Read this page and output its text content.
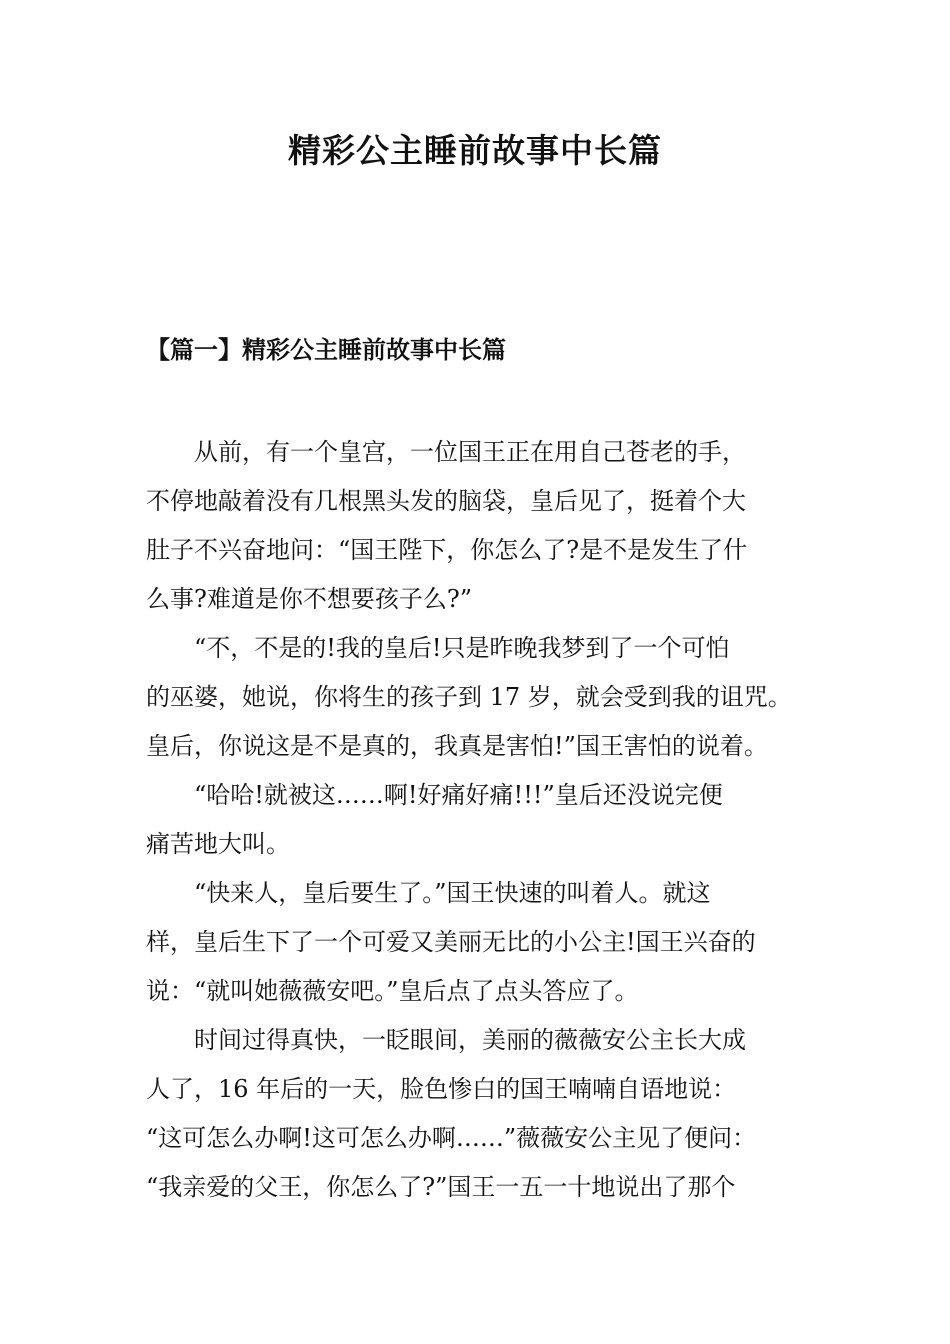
精彩公主睡前故事中长篇
【篇一】精彩公主睡前故事中长篇
从前，有一个皇宫，一位国王正在用自己苍老的手，
不停地敲着没有几根黑头发的脑袋，皇后见了，挺着个大
肚子不兴奋地问：“国王陛下，你怎么了?是不是发生了什
么事?难道是你不想要孩子么?”
“不，不是的!我的皇后!只是昨晚我梦到了一个可怕
的巫婆，她说，你将生的孩子到 17 岁，就会受到我的诅咒。
皇后，你说这是不是真的，我真是害怕!”国王害怕的说着。
“哈哈!就被这……啊!好痛好痛!!!”皇后还没说完便
痛苦地大叫。
“快来人，皇后要生了。”国王快速的叫着人。就这
样，皇后生下了一个可爱又美丽无比的小公主!国王兴奋的
说：“就叫她薇薇安吧。”皇后点了点头答应了。
时间过得真快，一眨眼间，美丽的薇薇安公主长大成
人了，16 年后的一天，脸色惨白的国王喃喃自语地说：
“这可怎么办啊!这可怎么办啊……”薇薇安公主见了便问：
“我亲爱的父王，你怎么了?”国王一五一十地说出了那个
